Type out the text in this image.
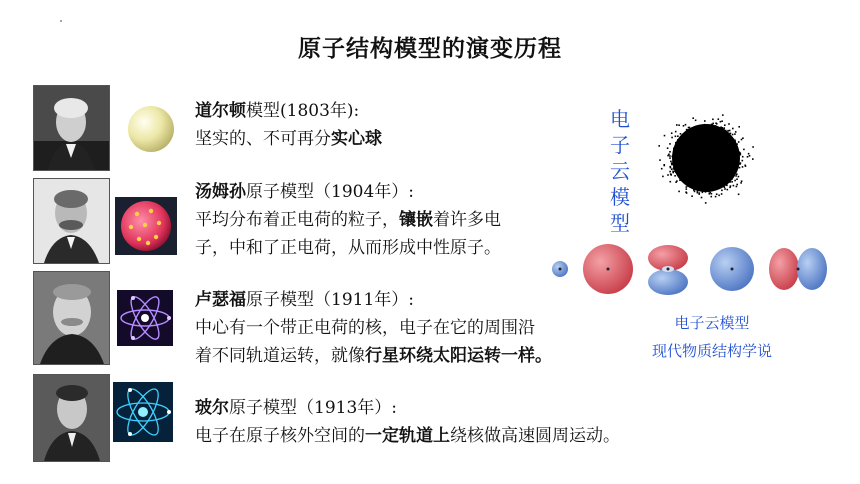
原子结构模型的演变历程
道尔顿模型(1803年):
坚实的、不可再分实心球
汤姆孙原子模型（1904年）:
平均分布着正电荷的粒子，镶嵌着许多电
子，中和了正电荷，从而形成中性原子。
卢瑟福原子模型（1911年）:
中心有一个带正电荷的核，电子在它的周围沿
着不同轨道运转，就像行星环绕太阳运转一样。
玻尔原子模型（1913年）:
电子在原子核外空间的一定轨道上绕核做高速圆周运动。
电
子
云
模
型
电子云模型
现代物质结构学说
